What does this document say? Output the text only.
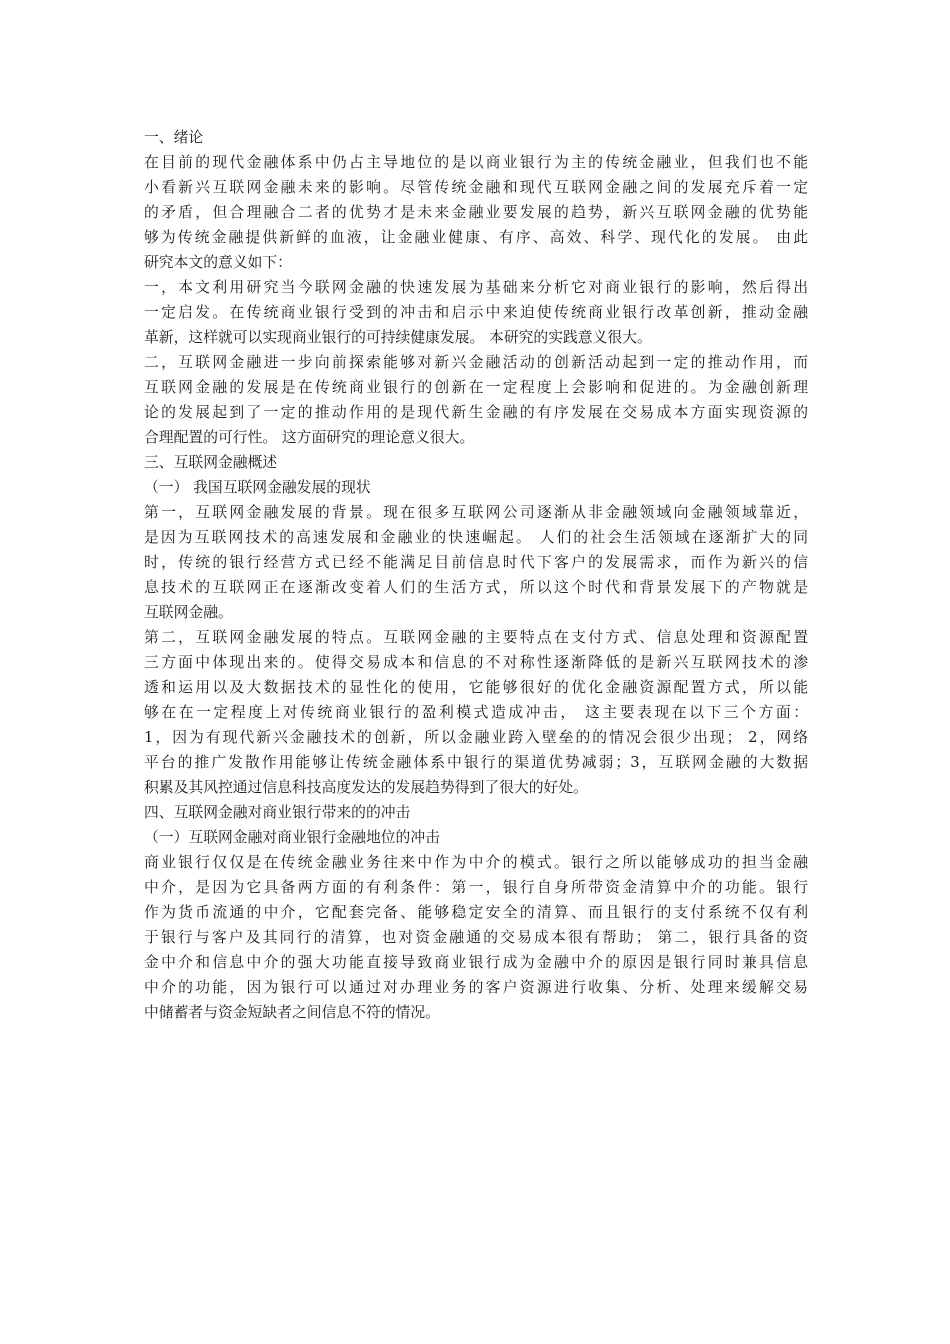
一、绪论
在目前的现代金融体系中仍占主导地位的是以商业银行为主的传统金融业，但我们也不能
小看新兴互联网金融未来的影响。尽管传统金融和现代互联网金融之间的发展充斥着一定
的矛盾，但合理融合二者的优势才是未来金融业要发展的趋势，新兴互联网金融的优势能
够为传统金融提供新鲜的血液，让金融业健康、有序、高效、科学、现代化的发展。 由此
研究本文的意义如下：
一，本文利用研究当今联网金融的快速发展为基础来分析它对商业银行的影响，然后得出
一定启发。在传统商业银行受到的冲击和启示中来迫使传统商业银行改革创新，推动金融
革新，这样就可以实现商业银行的可持续健康发展。 本研究的实践意义很大。
二，互联网金融进一步向前探索能够对新兴金融活动的创新活动起到一定的推动作用，而
互联网金融的发展是在传统商业银行的创新在一定程度上会影响和促进的。为金融创新理
论的发展起到了一定的推动作用的是现代新生金融的有序发展在交易成本方面实现资源的
合理配置的可行性。 这方面研究的理论意义很大。
三、互联网金融概述
（一） 我国互联网金融发展的现状
第一，互联网金融发展的背景。现在很多互联网公司逐渐从非金融领域向金融领域靠近，
是因为互联网技术的高速发展和金融业的快速崛起。 人们的社会生活领域在逐渐扩大的同
时，传统的银行经营方式已经不能满足目前信息时代下客户的发展需求，而作为新兴的信
息技术的互联网正在逐渐改变着人们的生活方式，所以这个时代和背景发展下的产物就是
互联网金融。
第二，互联网金融发展的特点。互联网金融的主要特点在支付方式、信息处理和资源配置
三方面中体现出来的。使得交易成本和信息的不对称性逐渐降低的是新兴互联网技术的渗
透和运用以及大数据技术的显性化的使用，它能够很好的优化金融资源配置方式，所以能
够在在一定程度上对传统商业银行的盈利模式造成冲击， 这主要表现在以下三个方面：
1，因为有现代新兴金融技术的创新，所以金融业跨入壁垒的的情况会很少出现； 2，网络
平台的推广发散作用能够让传统金融体系中银行的渠道优势减弱；3，互联网金融的大数据
积累及其风控通过信息科技高度发达的发展趋势得到了很大的好处。
四、互联网金融对商业银行带来的的冲击
（一）互联网金融对商业银行金融地位的冲击
商业银行仅仅是在传统金融业务往来中作为中介的模式。银行之所以能够成功的担当金融
中介，是因为它具备两方面的有利条件：第一，银行自身所带资金清算中介的功能。银行
作为货币流通的中介，它配套完备、能够稳定安全的清算、而且银行的支付系统不仅有利
于银行与客户及其同行的清算，也对资金融通的交易成本很有帮助； 第二，银行具备的资
金中介和信息中介的强大功能直接导致商业银行成为金融中介的原因是银行同时兼具信息
中介的功能，因为银行可以通过对办理业务的客户资源进行收集、分析、处理来缓解交易
中储蓄者与资金短缺者之间信息不符的情况。
